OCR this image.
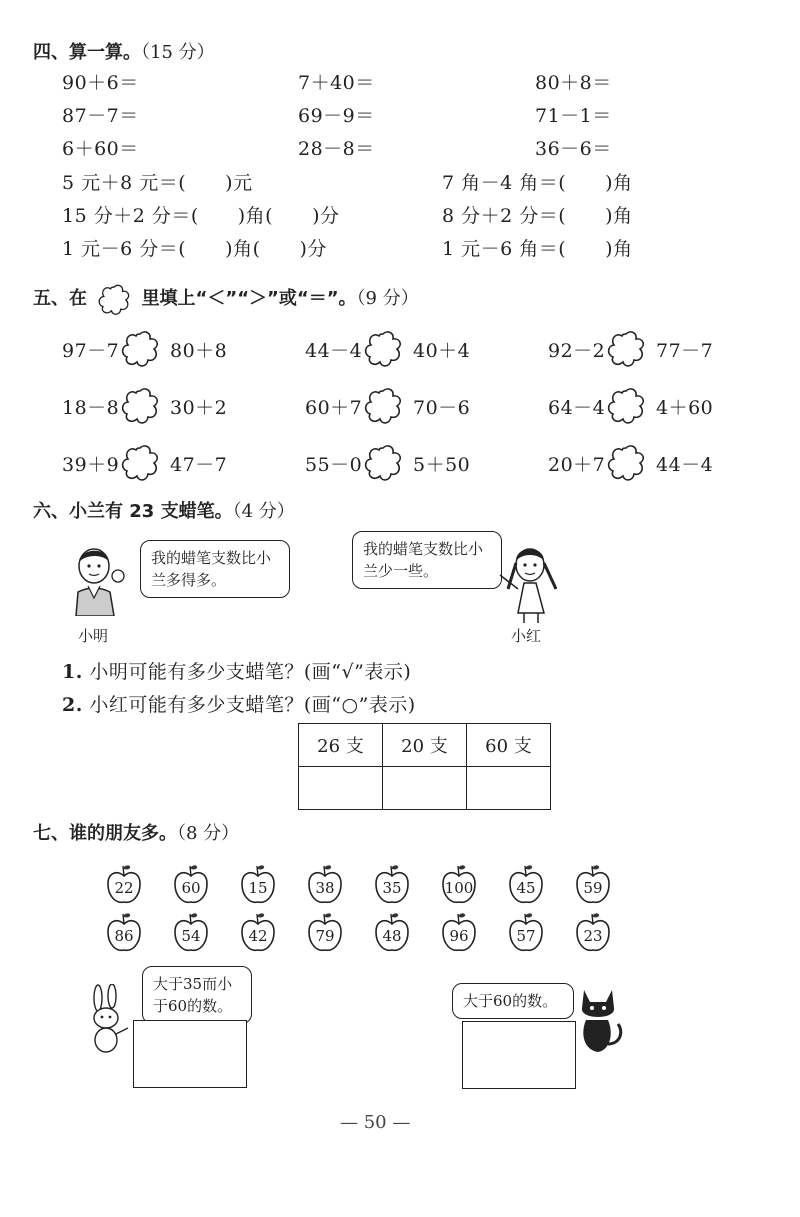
四、算一算。（15 分）
90＋6＝	7＋40＝	80＋8＝
87－7＝	69－9＝	71－1＝
6＋60＝	28－8＝	36－6＝
5 元＋8 元＝(　　)元	7 角－4 角＝(　　)角
15 分＋2 分＝(　　)角(　　)分	8 分＋2 分＝(　　)角
1 元－6 分＝(　　)角(　　)分	1 元－6 角＝(　　)角
五、在	里填上“＜”“＞”或“＝”。（9 分）
97－7	80＋8	44－4	40＋4	92－2	77－7
18－8	30＋2	60＋7	70－6	64－4	4＋60
39＋9	47－7	55－0	5＋50	20＋7	44－4
六、小兰有 23 支蜡笔。（4 分）
我的蜡笔支数比小兰多得多。
小明
我的蜡笔支数比小兰少一些。
小红
1. 小明可能有多少支蜡笔？(画“√”表示)
2. 小红可能有多少支蜡笔？(画“○”表示)
26 支	20 支	60 支

七、谁的朋友多。（8 分）
22	60	15	38	35	100	45	59
86	54	42	79	48	96	57	23
大于35而小于60的数。	大于60的数。
— 50 —
